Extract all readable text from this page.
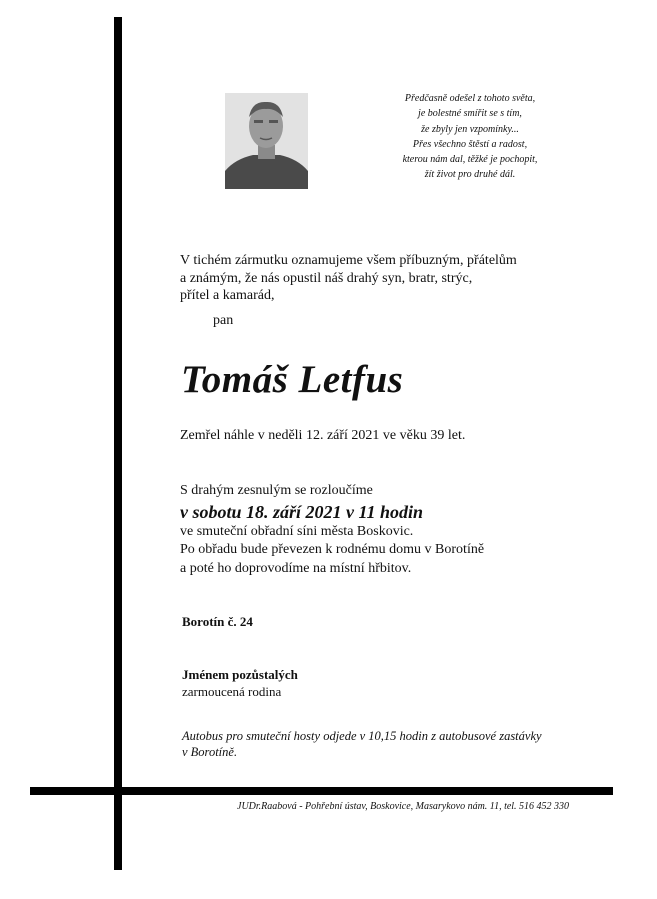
Předčasně odešel z tohoto světa,
je bolestné smířit se s tím,
že zbyly jen vzpomínky...
Přes všechno štěstí a radost,
kterou nám dal, těžké je pochopit,
žít život pro druhé dál.
V tichém zármutku oznamujeme všem příbuzným, přátelům
a známým, že nás opustil náš drahý syn, bratr, strýc,
přítel a kamarád,
pan
Tomáš Letfus
Zemřel náhle v neděli 12. září 2021 ve věku 39 let.
S drahým zesnulým se rozloučíme
v sobotu 18. září 2021 v 11 hodin
ve smuteční obřadní síni města Boskovic.
Po obřadu bude převezen k rodnému domu v Borotíně
a poté ho doprovodíme na místní hřbitov.
Borotín č. 24
Jménem pozůstalých
zarmoucená rodina
Autobus pro smuteční hosty odjede v 10,15 hodin z autobusové zastávky
v Borotíně.
JUDr.Raabová - Pohřební ústav, Boskovice, Masarykovo nám. 11, tel. 516 452 330
